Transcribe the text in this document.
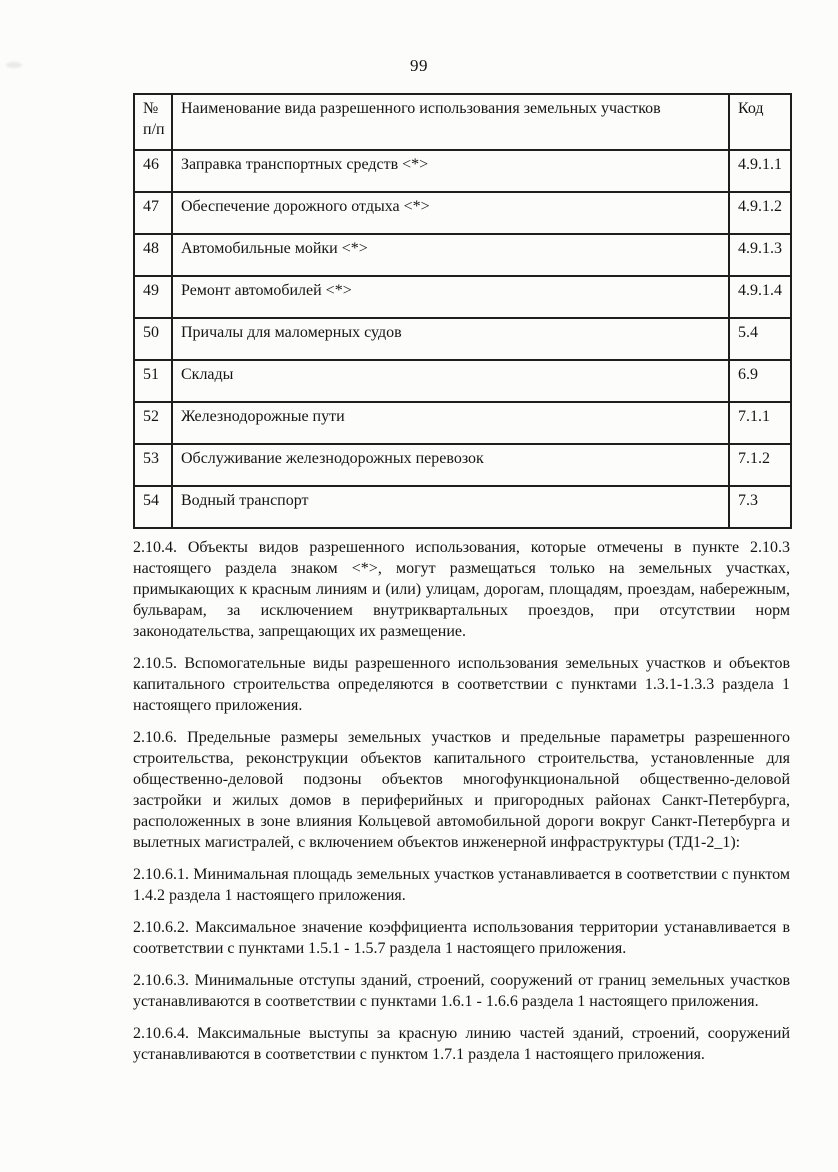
99
№
п/п	Наименование вида разрешенного использования земельных участков	Код
46	Заправка транспортных средств <*>	4.9.1.1
47	Обеспечение дорожного отдыха <*>	4.9.1.2
48	Автомобильные мойки <*>	4.9.1.3
49	Ремонт автомобилей <*>	4.9.1.4
50	Причалы для маломерных судов	5.4
51	Склады	6.9
52	Железнодорожные пути	7.1.1
53	Обслуживание железнодорожных перевозок	7.1.2
54	Водный транспорт	7.3

2.10.4. Объекты видов разрешенного использования, которые отмечены в пункте 2.10.3 настоящего раздела знаком <*>, могут размещаться только на земельных участках, примыкающих к красным линиям и (или) улицам, дорогам, площадям, проездам, набережным, бульварам, за исключением внутриквартальных проездов, при отсутствии норм законодательства, запрещающих их размещение.

2.10.5. Вспомогательные виды разрешенного использования земельных участков и объектов капитального строительства определяются в соответствии с пунктами 1.3.1-1.3.3 раздела 1 настоящего приложения.

2.10.6. Предельные размеры земельных участков и предельные параметры разрешенного строительства, реконструкции объектов капитального строительства, установленные для общественно-деловой подзоны объектов многофункциональной общественно-деловой застройки и жилых домов в периферийных и пригородных районах Санкт-Петербурга, расположенных в зоне влияния Кольцевой автомобильной дороги вокруг Санкт-Петербурга и вылетных магистралей, с включением объектов инженерной инфраструктуры (ТД1-2_1):

2.10.6.1. Минимальная площадь земельных участков устанавливается в соответствии с пунктом 1.4.2 раздела 1 настоящего приложения.

2.10.6.2. Максимальное значение коэффициента использования территории устанавливается в соответствии с пунктами 1.5.1 - 1.5.7 раздела 1 настоящего приложения.

2.10.6.3. Минимальные отступы зданий, строений, сооружений от границ земельных участков устанавливаются в соответствии с пунктами 1.6.1 - 1.6.6 раздела 1 настоящего приложения.

2.10.6.4. Максимальные выступы за красную линию частей зданий, строений, сооружений устанавливаются в соответствии с пунктом 1.7.1 раздела 1 настоящего приложения.
